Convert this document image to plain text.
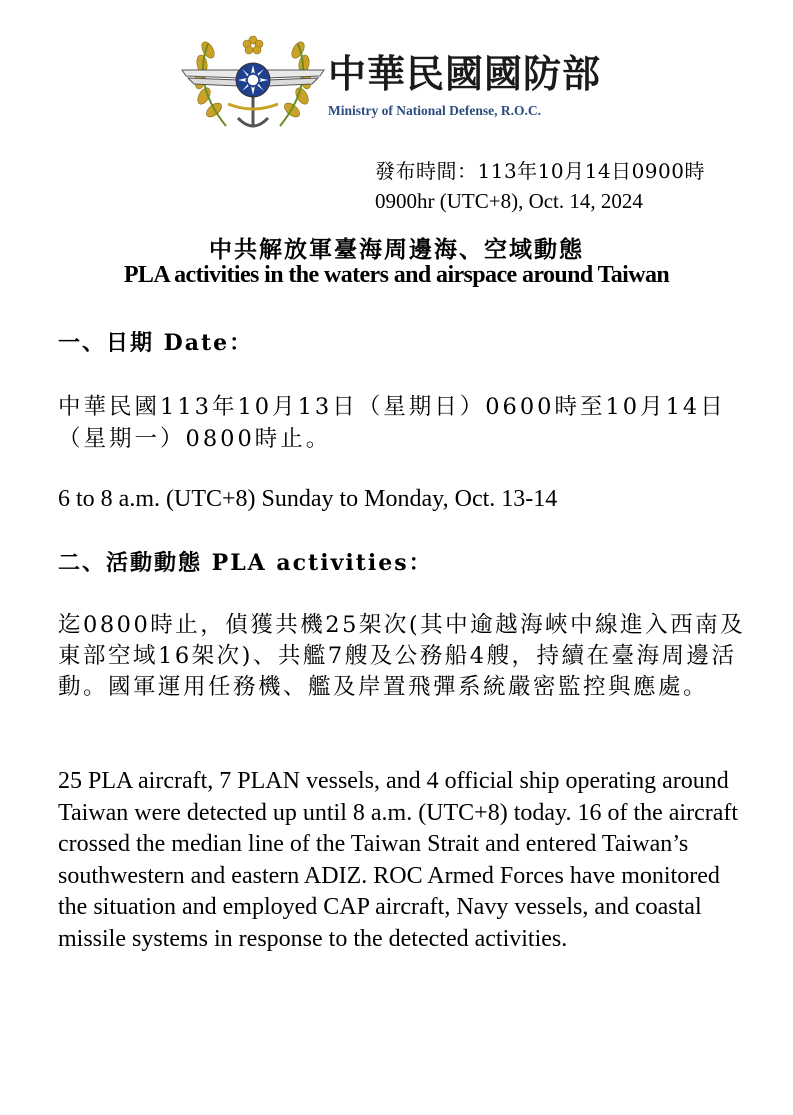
中華民國國防部
Ministry of National Defense, R.O.C.
發布時間：113年10月14日0900時
0900hr (UTC+8), Oct. 14, 2024
中共解放軍臺海周邊海、空域動態
PLA activities in the waters and airspace around Taiwan
一、日期 Date：
中華民國113年10月13日（星期日）0600時至10月14日（星期一）0800時止。
6 to 8 a.m. (UTC+8) Sunday to Monday, Oct. 13-14
二、活動動態 PLA activities：
迄0800時止，偵獲共機25架次(其中逾越海峽中線進入西南及東部空域16架次)、共艦7艘及公務船4艘，持續在臺海周邊活動。國軍運用任務機、艦及岸置飛彈系統嚴密監控與應處。
25 PLA aircraft, 7 PLAN vessels, and 4 official ship operating around Taiwan were detected up until 8 a.m. (UTC+8) today. 16 of the aircraft crossed the median line of the Taiwan Strait and entered Taiwan’s southwestern and eastern ADIZ. ROC Armed Forces have monitored the situation and employed CAP aircraft, Navy vessels, and coastal missile systems in response to the detected activities.
